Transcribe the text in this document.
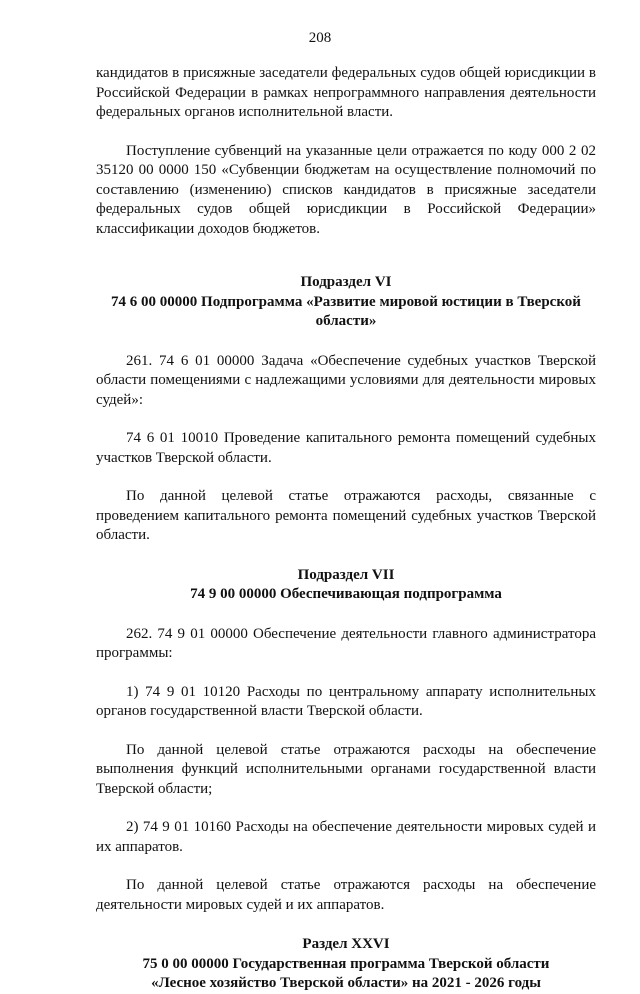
208

кандидатов в присяжные заседатели федеральных судов общей юрисдикции в Российской Федерации в рамках непрограммного направления деятельности федеральных органов исполнительной власти.

Поступление субвенций на указанные цели отражается по коду 000 2 02 35120 00 0000 150 «Субвенции бюджетам на осуществление полномочий по составлению (изменению) списков кандидатов в присяжные заседатели федеральных судов общей юрисдикции в Российской Федерации» классификации доходов бюджетов.

Подраздел VI

74 6 00 00000 Подпрограмма «Развитие мировой юстиции в Тверской области»

261. 74 6 01 00000 Задача «Обеспечение судебных участков Тверской области помещениями с надлежащими условиями для деятельности мировых судей»:

74 6 01 10010 Проведение капитального ремонта помещений судебных участков Тверской области.

По данной целевой статье отражаются расходы, связанные с проведением капитального ремонта помещений судебных участков Тверской области.

Подраздел VII

74 9 00 00000 Обеспечивающая подпрограмма

262. 74 9 01 00000 Обеспечение деятельности главного администратора программы:

1) 74 9 01 10120 Расходы по центральному аппарату исполнительных органов государственной власти Тверской области.

По данной целевой статье отражаются расходы на обеспечение выполнения функций исполнительными органами государственной власти Тверской области;

2) 74 9 01 10160 Расходы на обеспечение деятельности мировых судей и их аппаратов.

По данной целевой статье отражаются расходы на обеспечение деятельности мировых судей и их аппаратов.

Раздел XXVI

75 0 00 00000 Государственная программа Тверской области

«Лесное хозяйство Тверской области» на 2021 - 2026 годы
